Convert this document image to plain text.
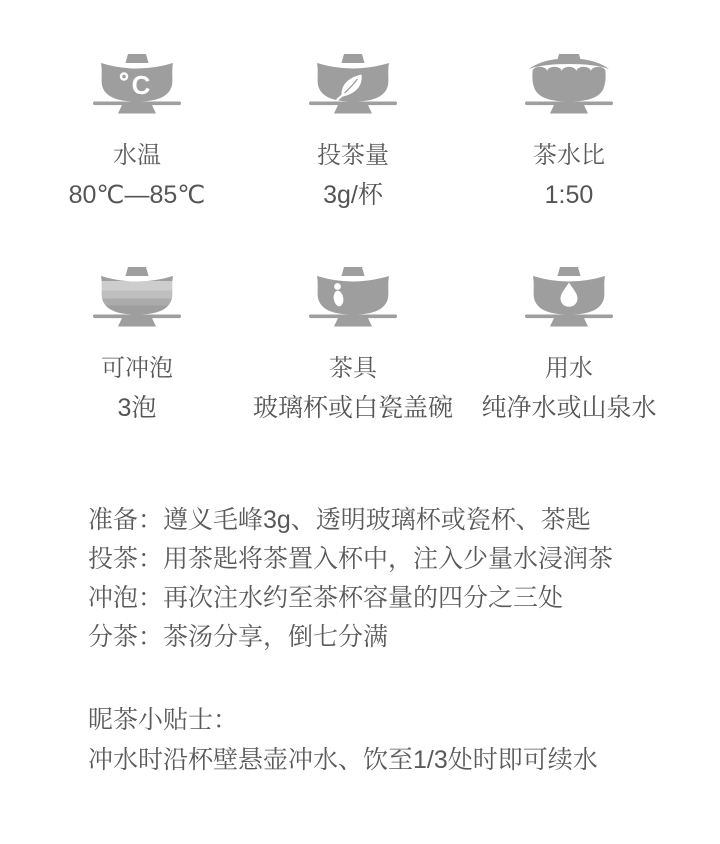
C
水温
80℃—85℃
投茶量
3g/杯
茶水比
1:50
可冲泡
3泡
茶具
玻璃杯或白瓷盖碗
用水
纯净水或山泉水
准备：遵义毛峰3g、透明玻璃杯或瓷杯、茶匙
投茶：用茶匙将茶置入杯中，注入少量水浸润茶
冲泡：再次注水约至茶杯容量的四分之三处
分茶：茶汤分享，倒七分满
昵茶小贴士：
冲水时沿杯壁悬壶冲水、饮至1/3处时即可续水
